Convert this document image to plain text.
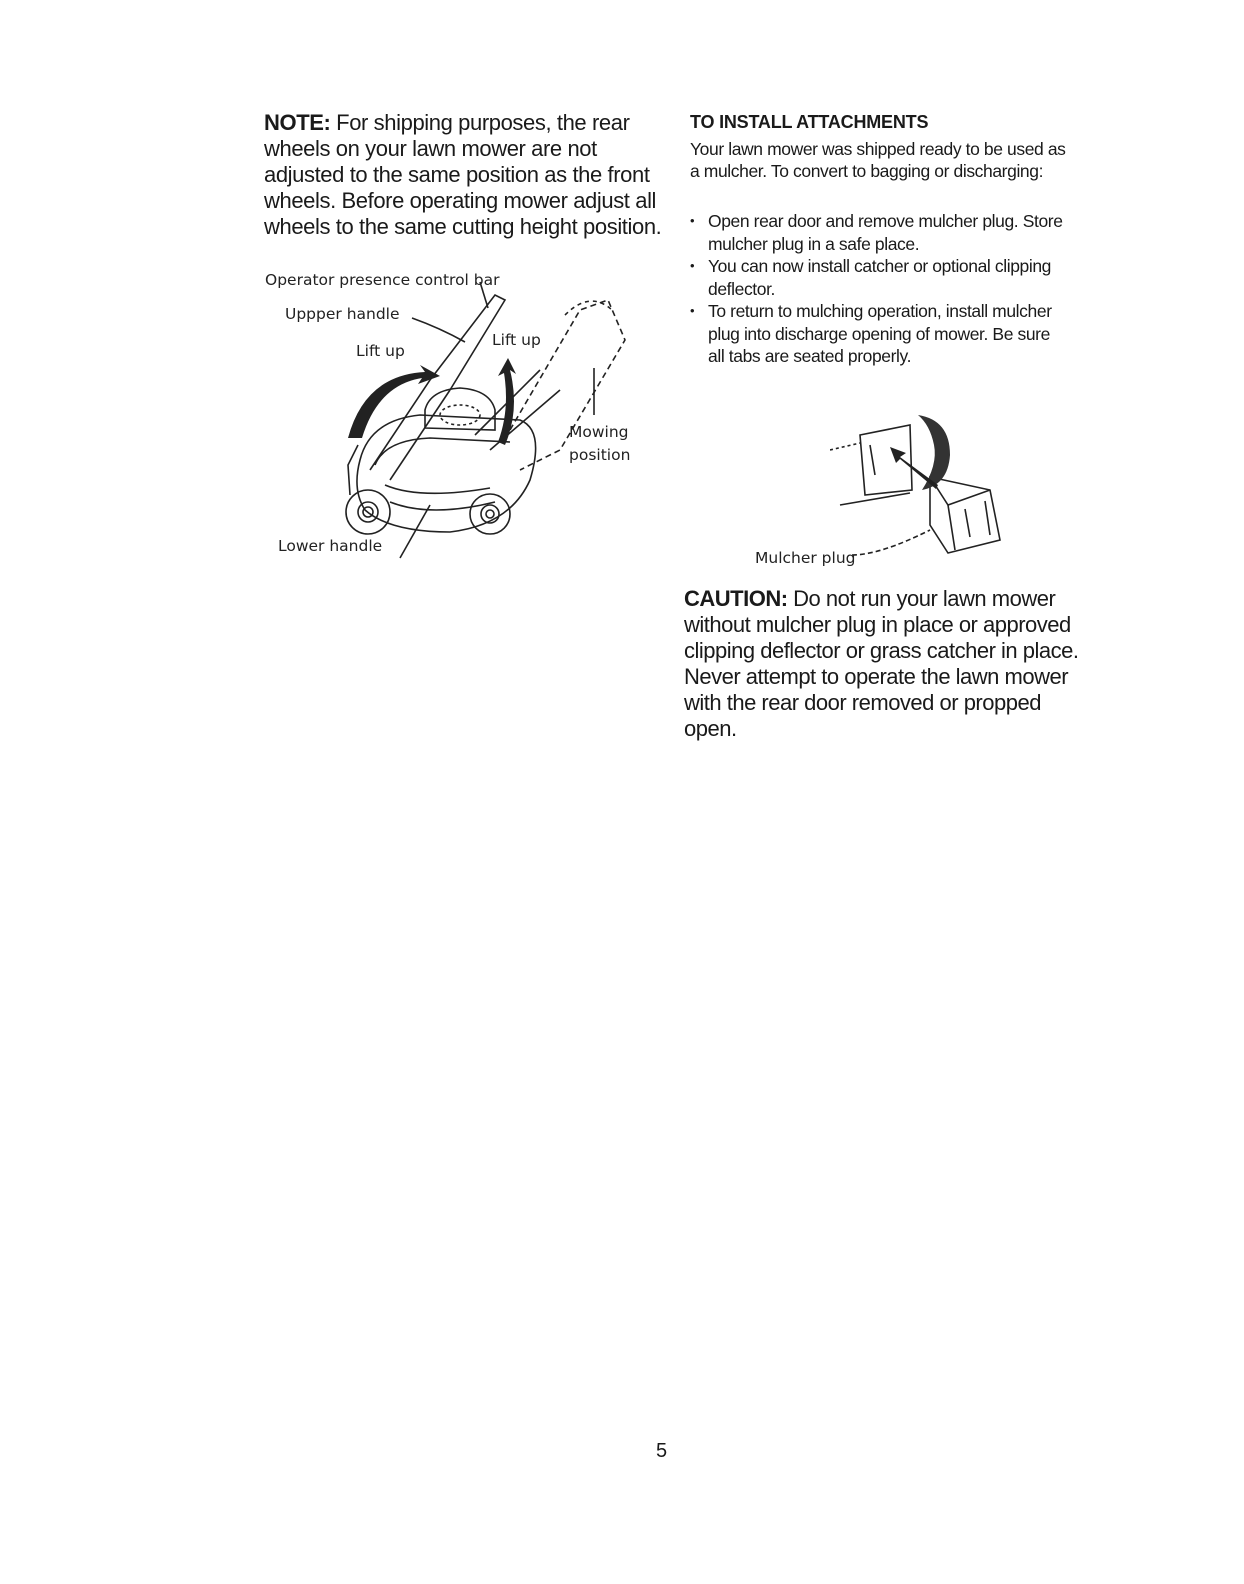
NOTE: For shipping purposes, the rear wheels on your lawn mower are not adjusted to the same position as the front wheels. Before operating mower adjust all wheels to the same cutting height position.
Operator presence control bar
Uppper handle
Lift up
Lift up
Mowing
position
Lower handle
TO INSTALL ATTACHMENTS
Your lawn mower was shipped ready to be used as a mulcher. To convert to bagging or discharging:
• Open rear door and remove mulcher plug. Store mulcher plug in a safe place.
• You can now install catcher or optional clipping deflector.
• To return to mulching operation, install mulcher plug into discharge opening of mower. Be sure all tabs are seated properly.
Mulcher plug
CAUTION: Do not run your lawn mower without mulcher plug in place or approved clipping deflector or grass catcher in place. Never attempt to operate the lawn mower with the rear door removed or propped open.
5
